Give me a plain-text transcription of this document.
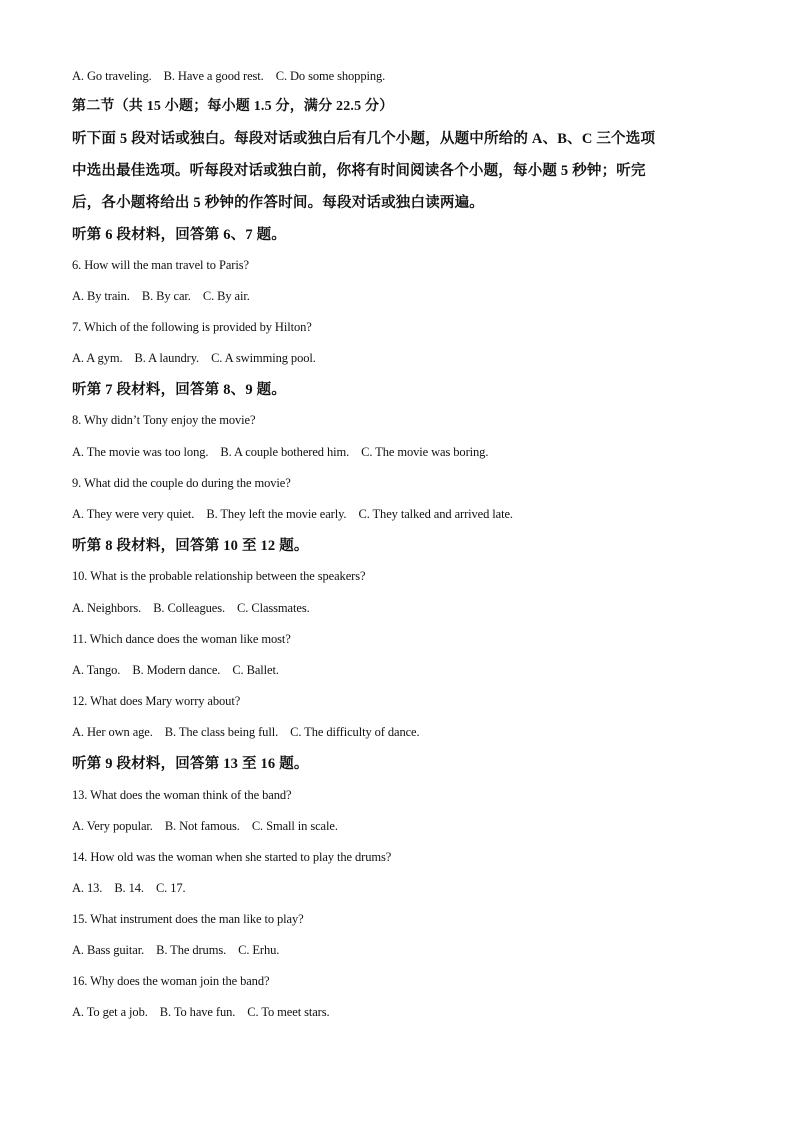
A. Go traveling. B. Have a good rest. C. Do some shopping.
第二节（共 15 小题；每小题 1.5 分，满分 22.5 分）
听下面 5 段对话或独白。每段对话或独白后有几个小题，从题中所给的 A、B、C 三个选项
中选出最佳选项。听每段对话或独白前，你将有时间阅读各个小题，每小题 5 秒钟；听完
后，各小题将给出 5 秒钟的作答时间。每段对话或独白读两遍。
听第 6 段材料，回答第 6、7 题。
6. How will the man travel to Paris?
A. By train. B. By car. C. By air.
7. Which of the following is provided by Hilton?
A. A gym. B. A laundry. C. A swimming pool.
听第 7 段材料，回答第 8、9 题。
8. Why didn’t Tony enjoy the movie?
A. The movie was too long. B. A couple bothered him. C. The movie was boring.
9. What did the couple do during the movie?
A. They were very quiet. B. They left the movie early. C. They talked and arrived late.
听第 8 段材料，回答第 10 至 12 题。
10. What is the probable relationship between the speakers?
A. Neighbors. B. Colleagues. C. Classmates.
11. Which dance does the woman like most?
A. Tango. B. Modern dance. C. Ballet.
12. What does Mary worry about?
A. Her own age. B. The class being full. C. The difficulty of dance.
听第 9 段材料，回答第 13 至 16 题。
13. What does the woman think of the band?
A. Very popular. B. Not famous. C. Small in scale.
14. How old was the woman when she started to play the drums?
A. 13. B. 14. C. 17.
15. What instrument does the man like to play?
A. Bass guitar. B. The drums. C. Erhu.
16. Why does the woman join the band?
A. To get a job. B. To have fun. C. To meet stars.
